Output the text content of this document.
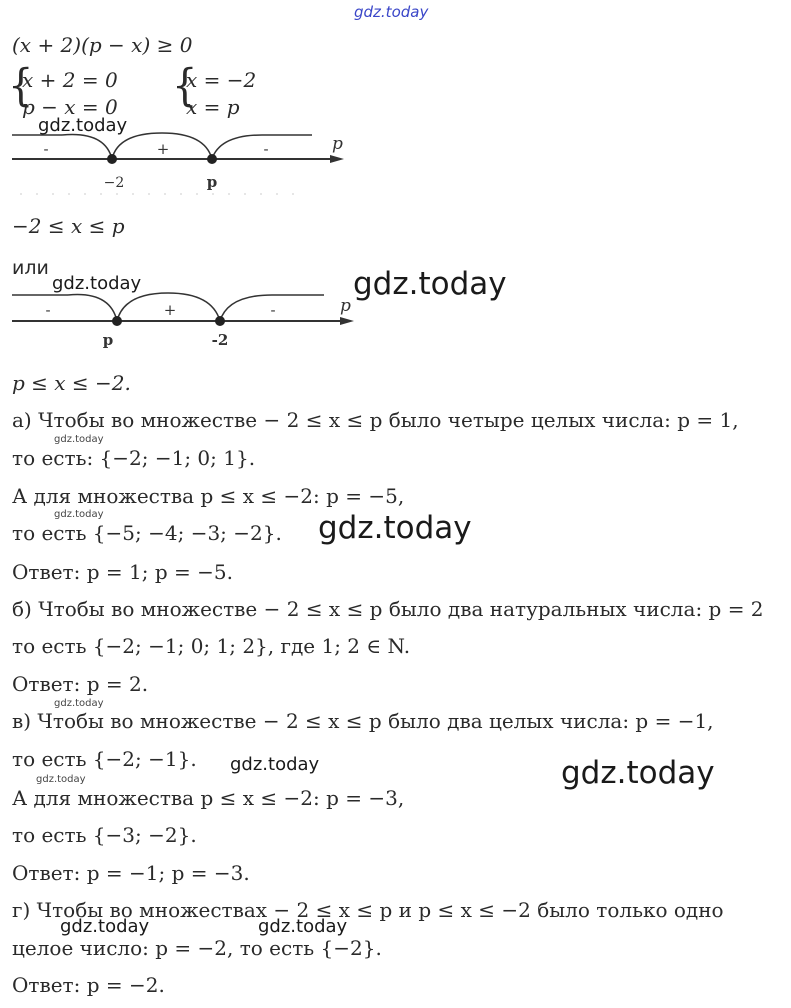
gdz.today
(x + 2)(p − x) ≥ 0
{
x + 2 = 0
p − x = 0 {
x = −2
x = p
gdz.today
-	+	-	p
−2	p
−2 ≤ x ≤ p
или
gdz.today	gdz.today
-	+	-	p
p	-2
p ≤ x ≤ −2.
а) Чтобы во множестве − 2 ≤ x ≤ p было четыре целых числа: p = 1,
gdz.today
то есть: {−2; −1; 0; 1}.
А для множества p ≤ x ≤ −2: p = −5,
gdz.today
то есть {−5; −4; −3; −2}. gdz.today
Ответ: p = 1; p = −5.
б) Чтобы во множестве − 2 ≤ x ≤ p было два натуральных числа: p = 2
то есть {−2; −1; 0; 1; 2}, где 1; 2 ∈ N.
Ответ: p = 2.
gdz.today
в) Чтобы во множестве − 2 ≤ x ≤ p было два целых числа: p = −1,
то есть {−2; −1}. gdz.today	gdz.today
gdz.today
А для множества p ≤ x ≤ −2: p = −3,
то есть {−3; −2}.
Ответ: p = −1; p = −3.
г) Чтобы во множествах − 2 ≤ x ≤ p и p ≤ x ≤ −2 было только одно
gdz.today	gdz.today
целое число: p = −2, то есть {−2}.
Ответ: p = −2.
